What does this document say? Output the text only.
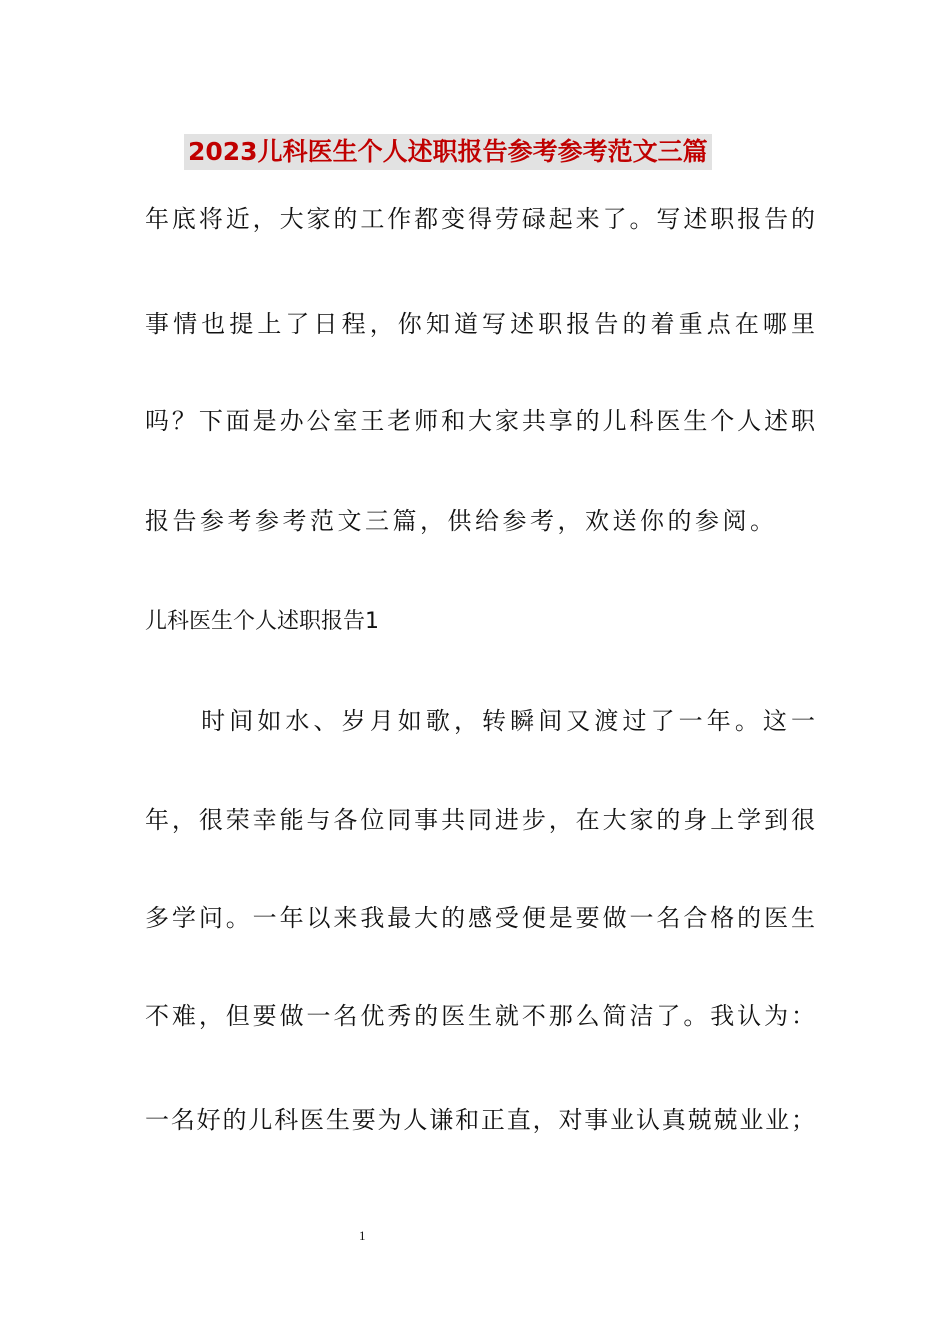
2023儿科医生个人述职报告参考参考范文三篇
年底将近，大家的工作都变得劳碌起来了。写述职报告的
事情也提上了日程，你知道写述职报告的着重点在哪里
吗？下面是办公室王老师和大家共享的儿科医生个人述职
报告参考参考范文三篇，供给参考，欢送你的参阅。
儿科医生个人述职报告1
　　时间如水、岁月如歌，转瞬间又渡过了一年。这一
年，很荣幸能与各位同事共同进步，在大家的身上学到很
多学问。一年以来我最大的感受便是要做一名合格的医生
不难，但要做一名优秀的医生就不那么简洁了。我认为：
一名好的儿科医生要为人谦和正直，对事业认真兢兢业业；
1
